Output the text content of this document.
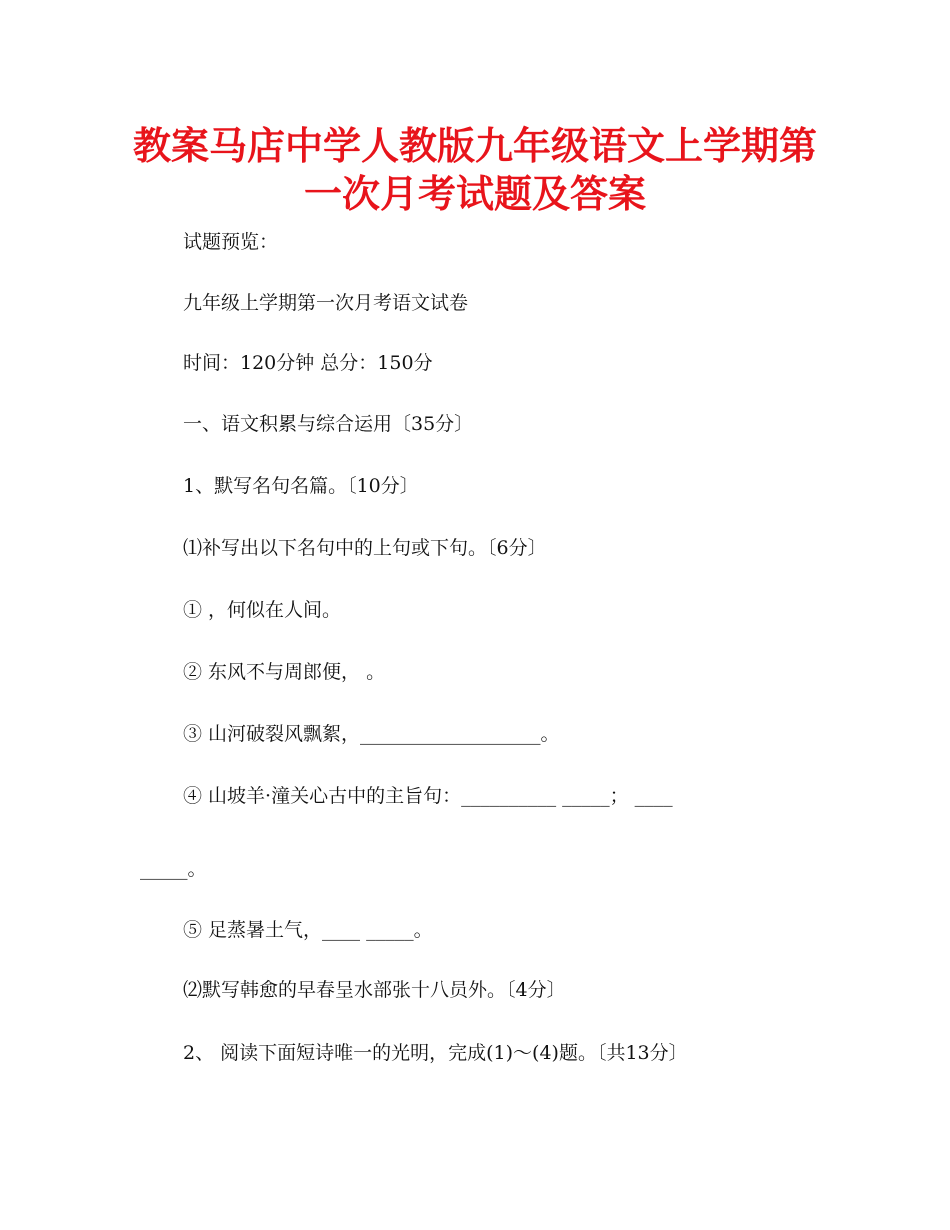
教案马店中学人教版九年级语文上学期第
一次月考试题及答案
试题预览：
九年级上学期第一次月考语文试卷
时间：120分钟 总分：150分
一、语文积累与综合运用〔35分〕
1、默写名句名篇。〔10分〕
⑴补写出以下名句中的上句或下句。〔6分〕
① ，何似在人间。
② 东风不与周郎便， 。
③ 山河破裂风飘絮，___________________。
④ 山坡羊·潼关心古中的主旨句：__________ _____； ____
_____。
⑤ 足蒸暑土气，____ _____。
⑵默写韩愈的早春呈水部张十八员外。〔4分〕
2、 阅读下面短诗唯一的光明，完成(1)～(4)题。〔共13分〕
